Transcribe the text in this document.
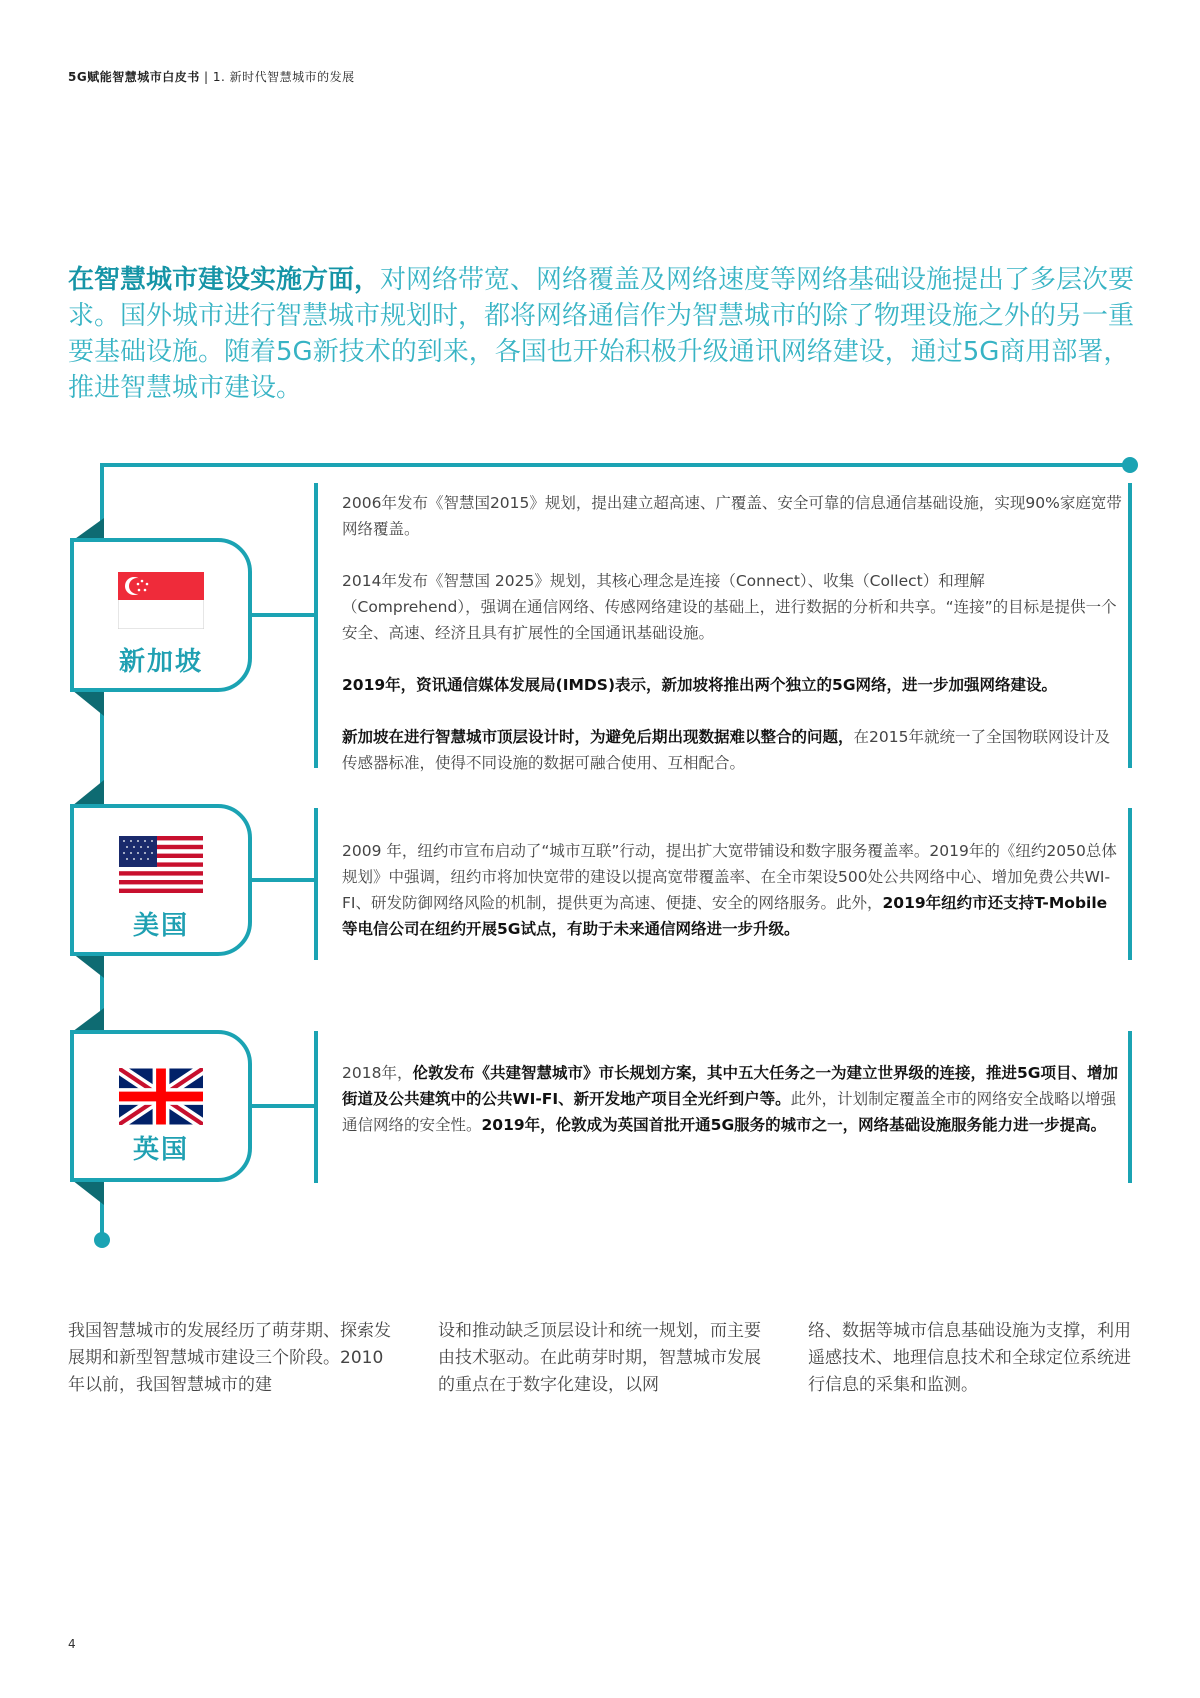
5G赋能智慧城市白皮书 | 1. 新时代智慧城市的发展
在智慧城市建设实施方面，对网络带宽、网络覆盖及网络速度等网络基础设施提出了多层次要求。国外城市进行智慧城市规划时，都将网络通信作为智慧城市的除了物理设施之外的另一重要基础设施。随着5G新技术的到来，各国也开始积极升级通讯网络建设，通过5G商用部署，推进智慧城市建设。
新加坡
美国
英国

2006年发布《智慧国2015》规划，提出建立超高速、广覆盖、安全可靠的信息通信基础设施，实现90%家庭宽带网络覆盖。

2014年发布《智慧国 2025》规划，其核心理念是连接（Connect）、收集（Collect）和理解（Comprehend），强调在通信网络、传感网络建设的基础上，进行数据的分析和共享。“连接”的目标是提供一个安全、高速、经济且具有扩展性的全国通讯基础设施。

2019年，资讯通信媒体发展局(IMDS)表示，新加坡将推出两个独立的5G网络，进一步加强网络建设。

新加坡在进行智慧城市顶层设计时，为避免后期出现数据难以整合的问题，在2015年就统一了全国物联网设计及传感器标准，使得不同设施的数据可融合使用、互相配合。

2009 年，纽约市宣布启动了“城市互联”行动，提出扩大宽带铺设和数字服务覆盖率。2019年的《纽约2050总体规划》中强调，纽约市将加快宽带的建设以提高宽带覆盖率、在全市架设500处公共网络中心、增加免费公共WI-FI、研发防御网络风险的机制，提供更为高速、便捷、安全的网络服务。此外，2019年纽约市还支持T-Mobile等电信公司在纽约开展5G试点，有助于未来通信网络进一步升级。

2018年，伦敦发布《共建智慧城市》市长规划方案，其中五大任务之一为建立世界级的连接，推进5G项目、增加街道及公共建筑中的公共WI-FI、新开发地产项目全光纤到户等。此外，计划制定覆盖全市的网络安全战略以增强通信网络的安全性。2019年，伦敦成为英国首批开通5G服务的城市之一，网络基础设施服务能力进一步提高。

我国智慧城市的发展经历了萌芽期、探索发展期和新型智慧城市建设三个阶段。2010年以前，我国智慧城市的建
设和推动缺乏顶层设计和统一规划，而主要由技术驱动。在此萌芽时期，智慧城市发展的重点在于数字化建设，以网
络、数据等城市信息基础设施为支撑，利用遥感技术、地理信息技术和全球定位系统进行信息的采集和监测。
4
